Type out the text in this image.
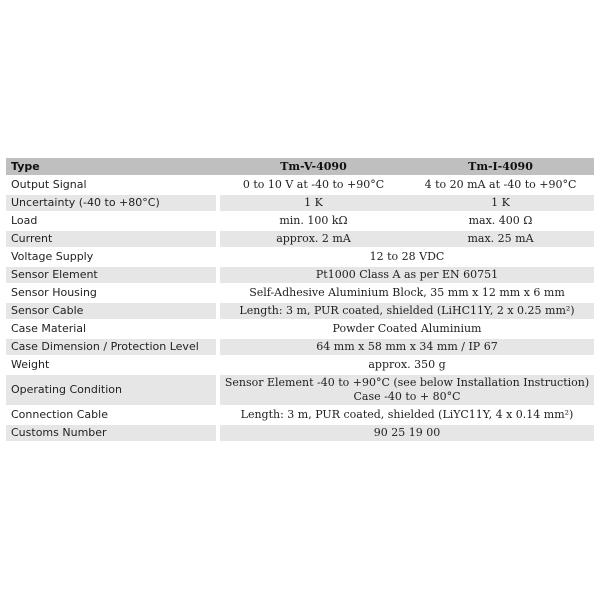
Type		Tm-V-4090	Tm-I-4090
Output Signal		0 to 10 V at -40 to +90°C	4 to 20 mA at -40 to +90°C
Uncertainty (-40 to +80°C)		1 K	1 K
Load		min. 100 kΩ	max. 400 Ω
Current		approx. 2 mA	max. 25 mA
Voltage Supply		12 to 28 VDC	
Sensor Element		Pt1000 Class A as per EN 60751	
Sensor Housing		Self-Adhesive Aluminium Block, 35 mm x 12 mm x 6 mm	
Sensor Cable		Length: 3 m, PUR coated, shielded (LiHC11Y, 2 x 0.25 mm²)	
Case Material		Powder Coated Aluminium	
Case Dimension / Protection Level		64 mm x 58 mm x 34 mm / IP 67	
Weight		approx. 350 g	
Operating Condition		Sensor Element -40 to +90°C (see below Installation Instruction)
Case -40 to + 80°C	

Connection Cable		Length: 3 m, PUR coated, shielded (LiYC11Y, 4 x 0.14 mm²)	
Customs Number		90 25 19 00	
